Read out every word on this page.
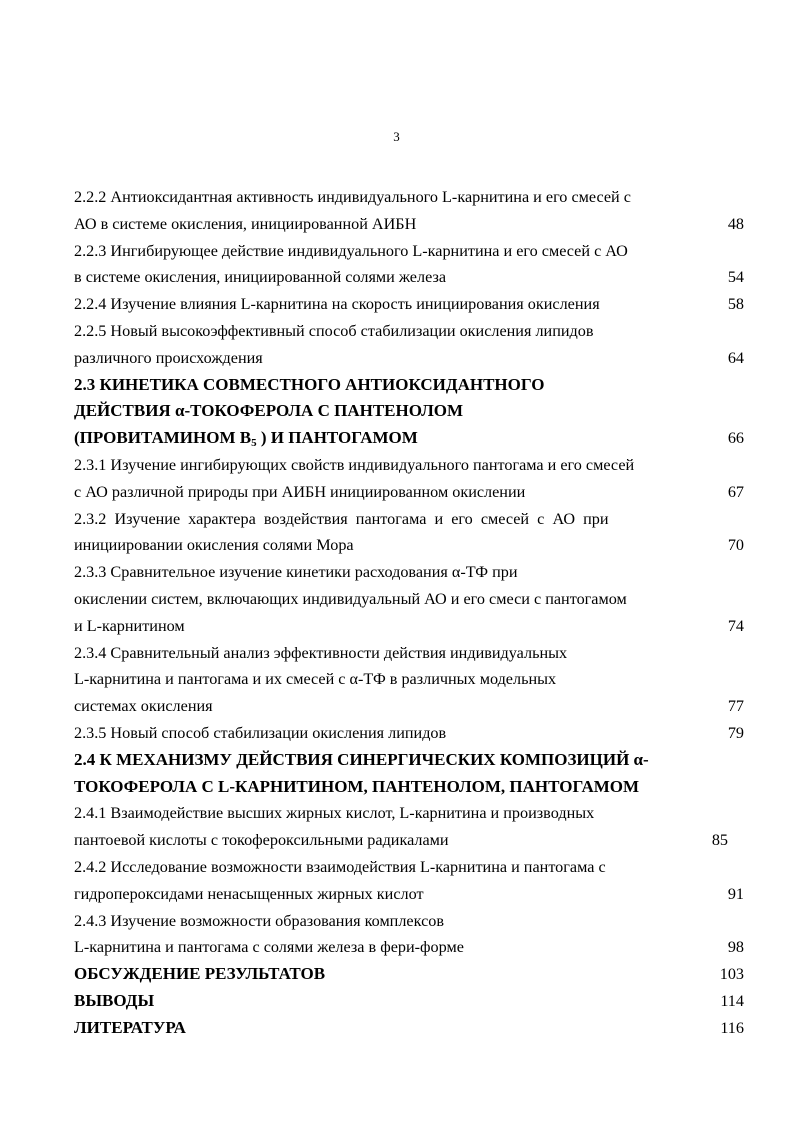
3
2.2.2 Антиоксидантная активность индивидуального L-карнитина и его смесей с
АО в системе окисления, инициированной АИБН	48
2.2.3 Ингибирующее действие индивидуального L-карнитина и его смесей с АО
в системе окисления, инициированной солями железа	54
2.2.4 Изучение влияния L-карнитина на скорость инициирования окисления	58
2.2.5 Новый высокоэффективный способ стабилизации окисления липидов
различного происхождения	64
2.3 КИНЕТИКА СОВМЕСТНОГО АНТИОКСИДАНТНОГО
ДЕЙСТВИЯ α-ТОКОФЕРОЛА С ПАНТЕНОЛОМ
(ПРОВИТАМИНОМ $B_5$ ) И ПАНТОГАМОМ	66
2.3.1 Изучение ингибирующих свойств индивидуального пантогама и его смесей
с АО различной природы при АИБН инициированном окислении	67
2.3.2  Изучение  характера  воздействия  пантогама  и  его  смесей  с  АО  при
инициировании окисления солями Мора	70
2.3.3 Сравнительное изучение кинетики расходования α-ТФ при
окислении систем, включающих индивидуальный АО и его смеси с пантогамом
и L-карнитином	74
2.3.4 Сравнительный анализ эффективности действия индивидуальных
L-карнитина и пантогама и их смесей с α-ТФ в различных модельных
системах окисления	77
2.3.5 Новый способ стабилизации окисления липидов	79
2.4 К МЕХАНИЗМУ ДЕЙСТВИЯ СИНЕРГИЧЕСКИХ КОМПОЗИЦИЙ α-
ТОКОФЕРОЛА С L-КАРНИТИНОМ, ПАНТЕНОЛОМ, ПАНТОГАМОМ
2.4.1 Взаимодействие высших жирных кислот, L-карнитина и производных
пантоевой кислоты с токофероксильными радикалами	85
2.4.2 Исследование возможности взаимодействия L-карнитина и пантогама с
гидропероксидами ненасыщенных жирных кислот	91
2.4.3 Изучение возможности образования комплексов
L-карнитина и пантогама с солями железа в фери-форме	98
ОБСУЖДЕНИЕ РЕЗУЛЬТАТОВ	103
ВЫВОДЫ	114
ЛИТЕРАТУРА	116
